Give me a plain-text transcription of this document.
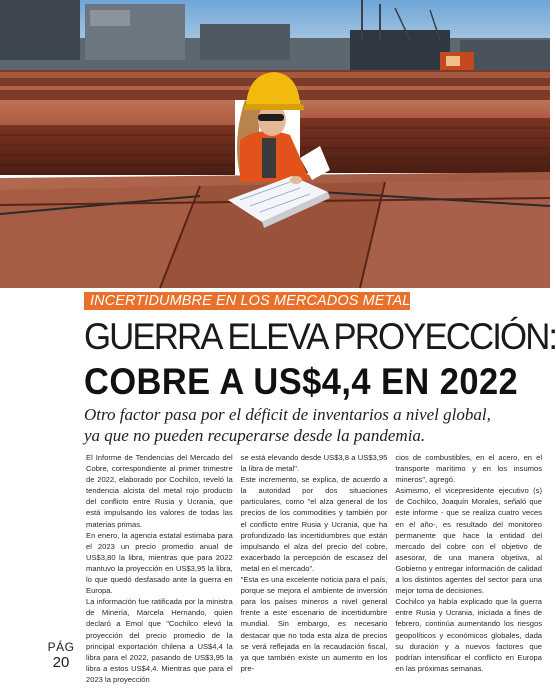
INCERTIDUMBRE EN LOS MERCADOS METALEROS
GUERRA ELEVA PROYECCIÓN:
COBRE A US$4,4 EN 2022

Otro factor pasa por el déficit de inventarios a nivel global,

ya que no pueden recuperarse desde la pandemia.

El Informe de Tendencias del Mercado del Cobre, correspondiente al primer trimestre de 2022, elaborado por Cochilco, reveló la tendencia alcista del metal rojo producto del conflicto entre Rusia y Ucrania, que está impulsando los valores de todas las materias primas.

En enero, la agencia estatal estimaba para el 2023 un precio promedio anual de US$3,80 la libra, mientras que para 2022 mantuvo la proyección en US$3,95 la libra, lo que quedó desfasado ante la guerra en Europa.

La información fue ratificada por la ministra de Minería, Marcela Hernando, quien declaró a Emol que "Cochilco elevó la proyección del precio promedio de la principal exportación chilena a US$4,4 la libra para el 2022, pasando de US$3,95 la libra a estos US$4,4. Mientras que para el 2023 la proyección

se está elevando desde US$3,8 a US$3,95 la libra de metal".

Este incremento, se explica, de acuerdo a la autoridad por dos situaciones particulares, como "el alza general de los precios de los commodities y también por el conflicto entre Rusia y Ucrania, que ha profundizado las incertidumbres que están impulsando el alza del precio del cobre, exacerbado la percepción de escasez del metal en el mercado".

"Esta es una excelente noticia para el país, porque se mejora el ambiente de inversión para los países mineros a nivel general frente a este escenario de incertidumbre mundial. Sin embargo, es necesario destacar que no toda esta alza de precios se verá reflejada en la recaudación fiscal, ya que también existe un aumento en los pre-

cios de combustibles, en el acero, en el transporte marítimo y en los insumos mineros", agregó.

Asimismo, el vicepresidente ejecutivo (s) de Cochilco, Joaquín Morales, señaló que este informe - que se realiza cuatro veces en el año-, es resultado del monitoreo permanente que hace la entidad del mercado del cobre con el objetivo de asesorar, de una manera objetiva, al Gobierno y entregar información de calidad a los distintos agentes del sector para una mejor toma de decisiones.

Cochilco ya había explicado que la guerra entre Rusia y Ucrania, iniciada a fines de febrero, continúa aumentando los riesgos geopolíticos y económicos globales, dada su duración y a nuevos factores que podrían intensificar el conflicto en Europa en las próximas semanas.

PÁG
20
